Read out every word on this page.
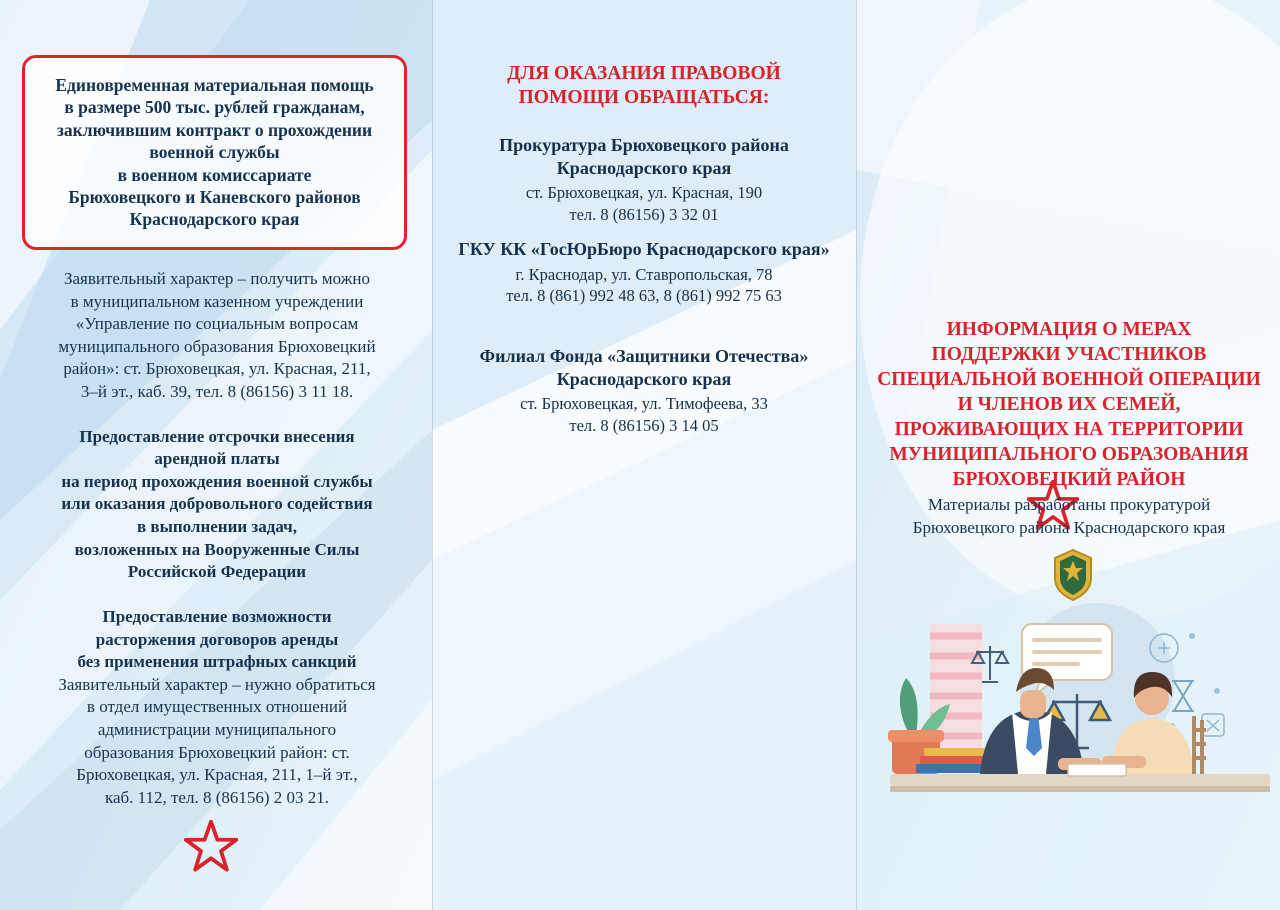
Единовременная материальная помощь

в размере 500 тыс. рублей гражданам,

заключившим контракт о прохождении

военной службы

в военном комиссариате

Брюховецкого и Каневского районов

Краснодарского края

Заявительный характер – получить можно

в муниципальном казенном учреждении

«Управление по социальным вопросам

муниципального образования Брюховецкий

район»: ст. Брюховецкая, ул. Красная, 211,

3–й эт., каб. 39, тел. 8 (86156) 3 11 18.

Предоставление отсрочки внесения

арендной платы

на период прохождения военной службы

или оказания добровольного содействия

в выполнении задач,

возложенных на Вооруженные Силы

Российской Федерации

Предоставление возможности

расторжения договоров аренды

без применения штрафных санкций

Заявительный характер – нужно обратиться

в отдел имущественных отношений

администрации муниципального

образования Брюховецкий район: ст.

Брюховецкая, ул. Красная, 211, 1–й эт.,

каб. 112, тел. 8 (86156) 2 03 21.

ДЛЯ ОКАЗАНИЯ ПРАВОВОЙ
ПОМОЩИ ОБРАЩАТЬСЯ:

Прокуратура Брюховецкого района Краснодарского края

ст. Брюховецкая, ул. Красная, 190

тел. 8 (86156) 3 32 01

ГКУ КК «ГосЮрБюро Краснодарского края»

г. Краснодар, ул. Ставропольская, 78

тел. 8 (861) 992 48 63, 8 (861) 992 75 63

Филиал Фонда «Защитники Отечества» Краснодарского края

ст. Брюховецкая, ул. Тимофеева, 33

тел. 8 (86156) 3 14 05

ИНФОРМАЦИЯ О МЕРАХ
ПОДДЕРЖКИ УЧАСТНИКОВ
СПЕЦИАЛЬНОЙ ВОЕННОЙ ОПЕРАЦИИ
И ЧЛЕНОВ ИХ СЕМЕЙ,
ПРОЖИВАЮЩИХ НА ТЕРРИТОРИИ
МУНИЦИПАЛЬНОГО ОБРАЗОВАНИЯ
БРЮХОВЕЦКИЙ РАЙОН
Материалы разработаны прокуратурой
Брюховецкого района Краснодарского края
